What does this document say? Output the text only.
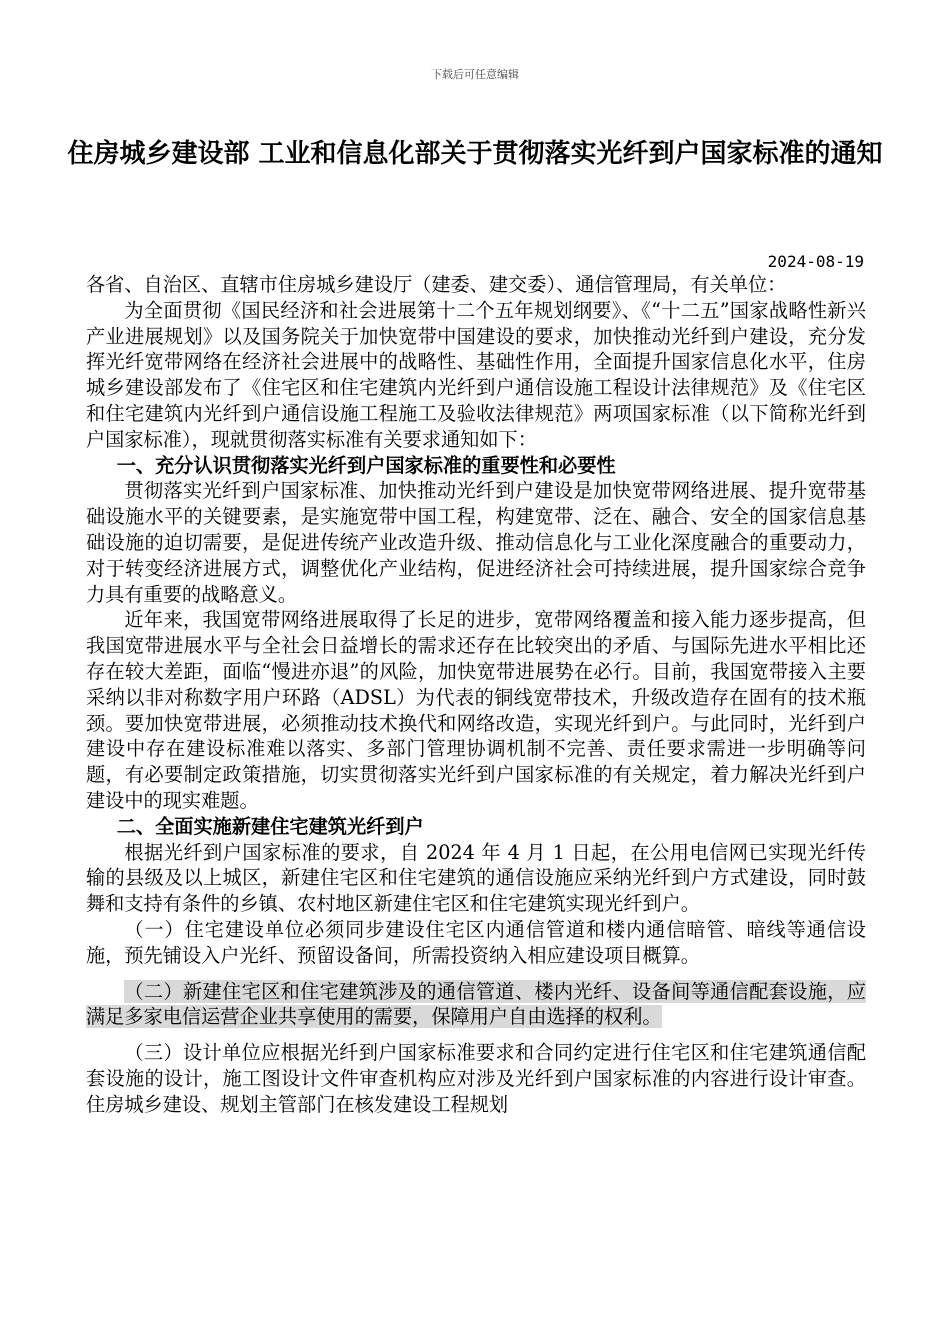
下载后可任意编辑
住房城乡建设部 工业和信息化部关于贯彻落实光纤到户国家标准的通知
2024-08-19

各省、自治区、直辖市住房城乡建设厅（建委、建交委）、通信管理局，有关单位：

为全面贯彻《国民经济和社会进展第十二个五年规划纲要》、《“十二五”国家战略性新兴产业进展规划》以及国务院关于加快宽带中国建设的要求，加快推动光纤到户建设，充分发挥光纤宽带网络在经济社会进展中的战略性、基础性作用，全面提升国家信息化水平，住房城乡建设部发布了《住宅区和住宅建筑内光纤到户通信设施工程设计法律规范》及《住宅区和住宅建筑内光纤到户通信设施工程施工及验收法律规范》两项国家标准（以下简称光纤到户国家标准），现就贯彻落实标准有关要求通知如下：

一、充分认识贯彻落实光纤到户国家标准的重要性和必要性

贯彻落实光纤到户国家标准、加快推动光纤到户建设是加快宽带网络进展、提升宽带基础设施水平的关键要素，是实施宽带中国工程，构建宽带、泛在、融合、安全的国家信息基础设施的迫切需要，是促进传统产业改造升级、推动信息化与工业化深度融合的重要动力，对于转变经济进展方式，调整优化产业结构，促进经济社会可持续进展，提升国家综合竞争力具有重要的战略意义。

近年来，我国宽带网络进展取得了长足的进步，宽带网络覆盖和接入能力逐步提高，但我国宽带进展水平与全社会日益增长的需求还存在比较突出的矛盾、与国际先进水平相比还存在较大差距，面临“慢进亦退”的风险，加快宽带进展势在必行。目前，我国宽带接入主要采纳以非对称数字用户环路（ADSL）为代表的铜线宽带技术，升级改造存在固有的技术瓶颈。要加快宽带进展，必须推动技术换代和网络改造，实现光纤到户。与此同时，光纤到户建设中存在建设标准难以落实、多部门管理协调机制不完善、责任要求需进一步明确等问题，有必要制定政策措施，切实贯彻落实光纤到户国家标准的有关规定，着力解决光纤到户建设中的现实难题。

二、全面实施新建住宅建筑光纤到户

根据光纤到户国家标准的要求，自 2024 年 4 月 1 日起，在公用电信网已实现光纤传输的县级及以上城区，新建住宅区和住宅建筑的通信设施应采纳光纤到户方式建设，同时鼓舞和支持有条件的乡镇、农村地区新建住宅区和住宅建筑实现光纤到户。

（一）住宅建设单位必须同步建设住宅区内通信管道和楼内通信暗管、暗线等通信设施，预先铺设入户光纤、预留设备间，所需投资纳入相应建设项目概算。

（二）新建住宅区和住宅建筑涉及的通信管道、楼内光纤、设备间等通信配套设施，应满足多家电信运营企业共享使用的需要，保障用户自由选择的权利。

（三）设计单位应根据光纤到户国家标准要求和合同约定进行住宅区和住宅建筑通信配套设施的设计，施工图设计文件审查机构应对涉及光纤到户国家标准的内容进行设计审查。住房城乡建设、规划主管部门在核发建设工程规划
